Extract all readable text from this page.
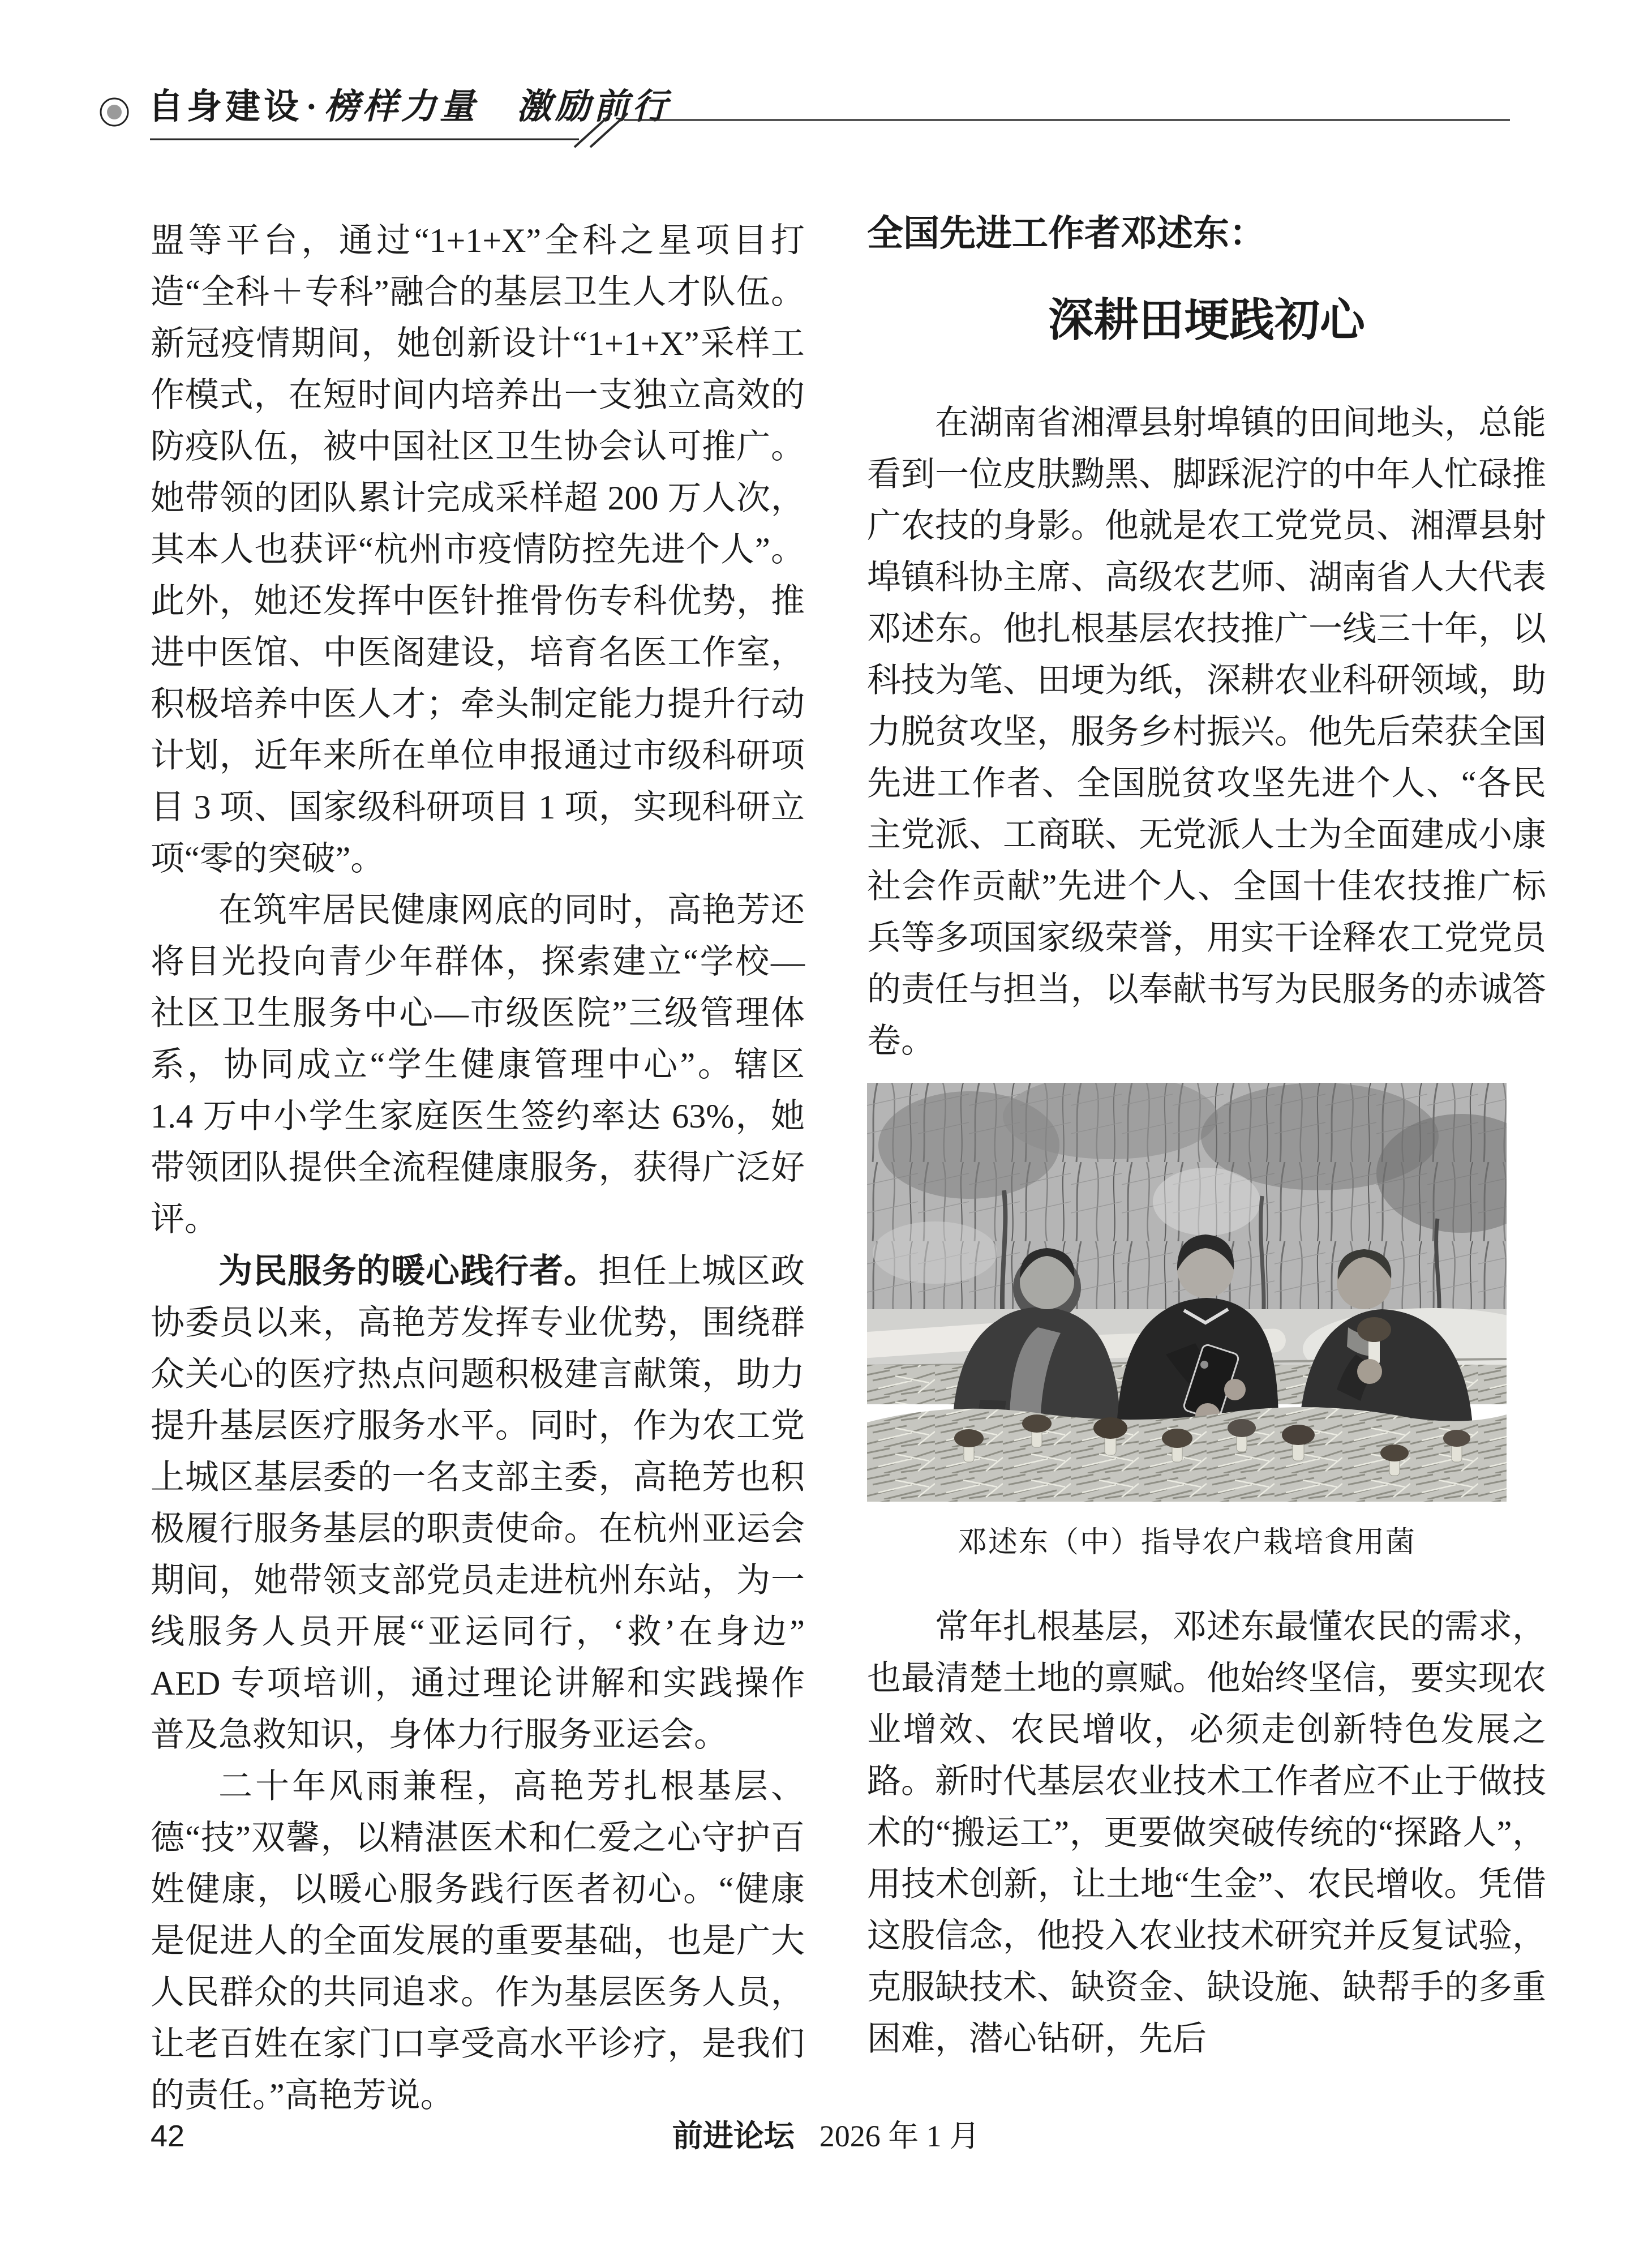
自身建设·榜样力量　激励前行

盟等平台，通过“1+1+X”全科之星项目打造“全科＋专科”融合的基层卫生人才队伍。新冠疫情期间，她创新设计“1+1+X”采样工作模式，在短时间内培养出一支独立高效的防疫队伍，被中国社区卫生协会认可推广。她带领的团队累计完成采样超 200 万人次，其本人也获评“杭州市疫情防控先进个人”。此外，她还发挥中医针推骨伤专科优势，推进中医馆、中医阁建设，培育名医工作室，积极培养中医人才；牵头制定能力提升行动计划，近年来所在单位申报通过市级科研项目 3 项、国家级科研项目 1 项，实现科研立项“零的突破”。

在筑牢居民健康网底的同时，高艳芳还将目光投向青少年群体，探索建立“学校—社区卫生服务中心—市级医院”三级管理体系，协同成立“学生健康管理中心”。辖区 1.4 万中小学生家庭医生签约率达 63%，她带领团队提供全流程健康服务，获得广泛好评。

为民服务的暖心践行者。担任上城区政协委员以来，高艳芳发挥专业优势，围绕群众关心的医疗热点问题积极建言献策，助力提升基层医疗服务水平。同时，作为农工党上城区基层委的一名支部主委，高艳芳也积极履行服务基层的职责使命。在杭州亚运会期间，她带领支部党员走进杭州东站，为一线服务人员开展“亚运同行，‘救’在身边” AED 专项培训，通过理论讲解和实践操作普及急救知识，身体力行服务亚运会。

二十年风雨兼程，高艳芳扎根基层、德“技”双馨，以精湛医术和仁爱之心守护百姓健康，以暖心服务践行医者初心。“健康是促进人的全面发展的重要基础，也是广大人民群众的共同追求。作为基层医务人员，让老百姓在家门口享受高水平诊疗，是我们的责任。”高艳芳说。

全国先进工作者邓述东：
深耕田埂践初心

在湖南省湘潭县射埠镇的田间地头，总能看到一位皮肤黝黑、脚踩泥泞的中年人忙碌推广农技的身影。他就是农工党党员、湘潭县射埠镇科协主席、高级农艺师、湖南省人大代表邓述东。他扎根基层农技推广一线三十年，以科技为笔、田埂为纸，深耕农业科研领域，助力脱贫攻坚，服务乡村振兴。他先后荣获全国先进工作者、全国脱贫攻坚先进个人、“各民主党派、工商联、无党派人士为全面建成小康社会作贡献”先进个人、全国十佳农技推广标兵等多项国家级荣誉，用实干诠释农工党党员的责任与担当，以奉献书写为民服务的赤诚答卷。

邓述东（中）指导农户栽培食用菌

常年扎根基层，邓述东最懂农民的需求，也最清楚土地的禀赋。他始终坚信，要实现农业增效、农民增收，必须走创新特色发展之路。新时代基层农业技术工作者应不止于做技术的“搬运工”，更要做突破传统的“探路人”，用技术创新，让土地“生金”、农民增收。凭借这股信念，他投入农业技术研究并反复试验，克服缺技术、缺资金、缺设施、缺帮手的多重困难，潜心钻研，先后

42	前进论坛 2026 年 1 月
